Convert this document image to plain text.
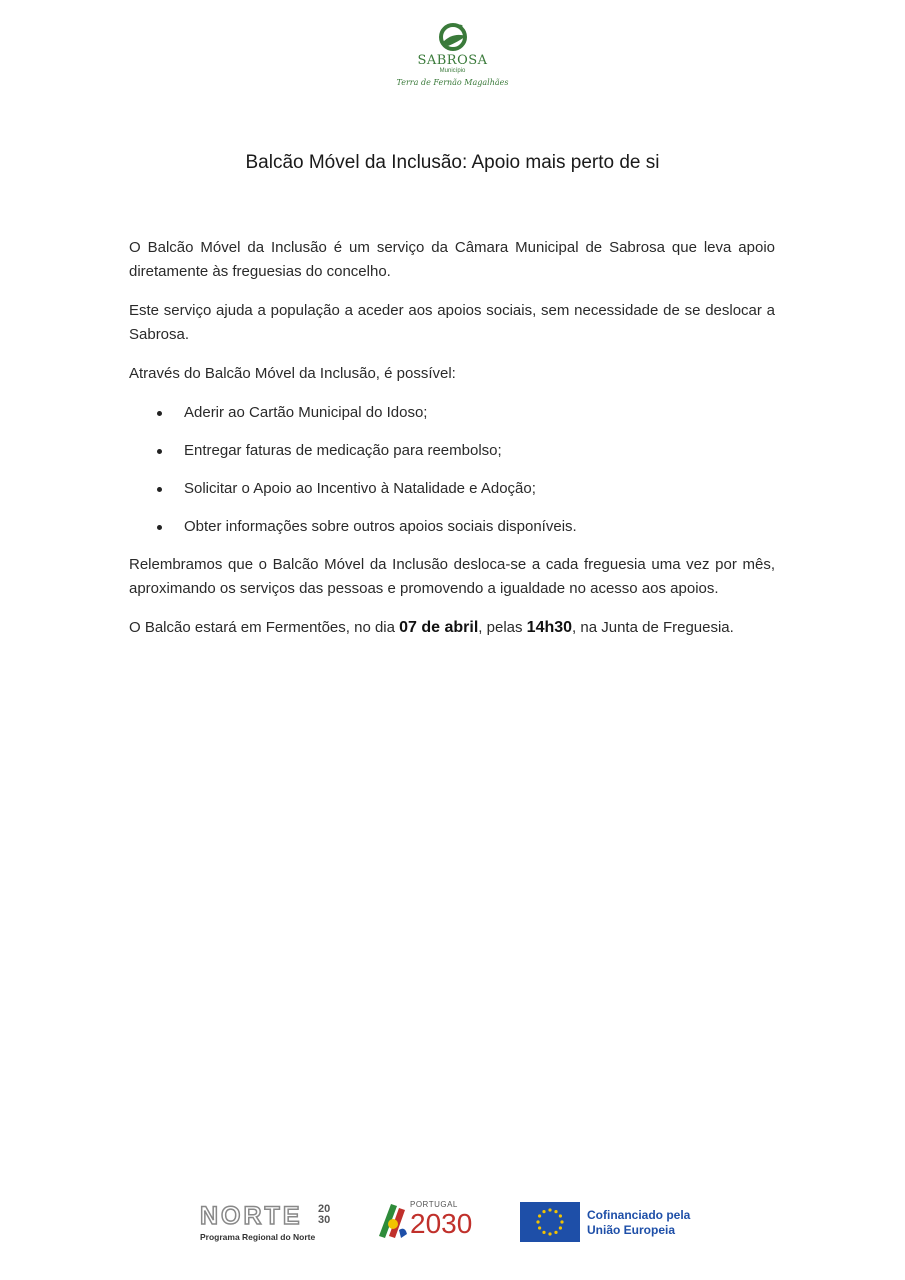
SABROSA
Município
Terra de Fernão Magalhães
Balcão Móvel da Inclusão: Apoio mais perto de si

O Balcão Móvel da Inclusão é um serviço da Câmara Municipal de Sabrosa que leva apoio diretamente às freguesias do concelho.

Este serviço ajuda a população a aceder aos apoios sociais, sem necessidade de se deslocar a Sabrosa.

Através do Balcão Móvel da Inclusão, é possível:

Aderir ao Cartão Municipal do Idoso;
Entregar faturas de medicação para reembolso;
Solicitar o Apoio ao Incentivo à Natalidade e Adoção;
Obter informações sobre outros apoios sociais disponíveis.

Relembramos que o Balcão Móvel da Inclusão desloca-se a cada freguesia uma vez por mês, aproximando os serviços das pessoas e promovendo a igualdade no acesso aos apoios.

O Balcão estará em Fermentões, no dia 07 de abril, pelas 14h30, na Junta de Freguesia.

NORTE	20
30
Programa Regional do Norte
PORTUGAL
2030	Cofinanciado pela
União Europeia
